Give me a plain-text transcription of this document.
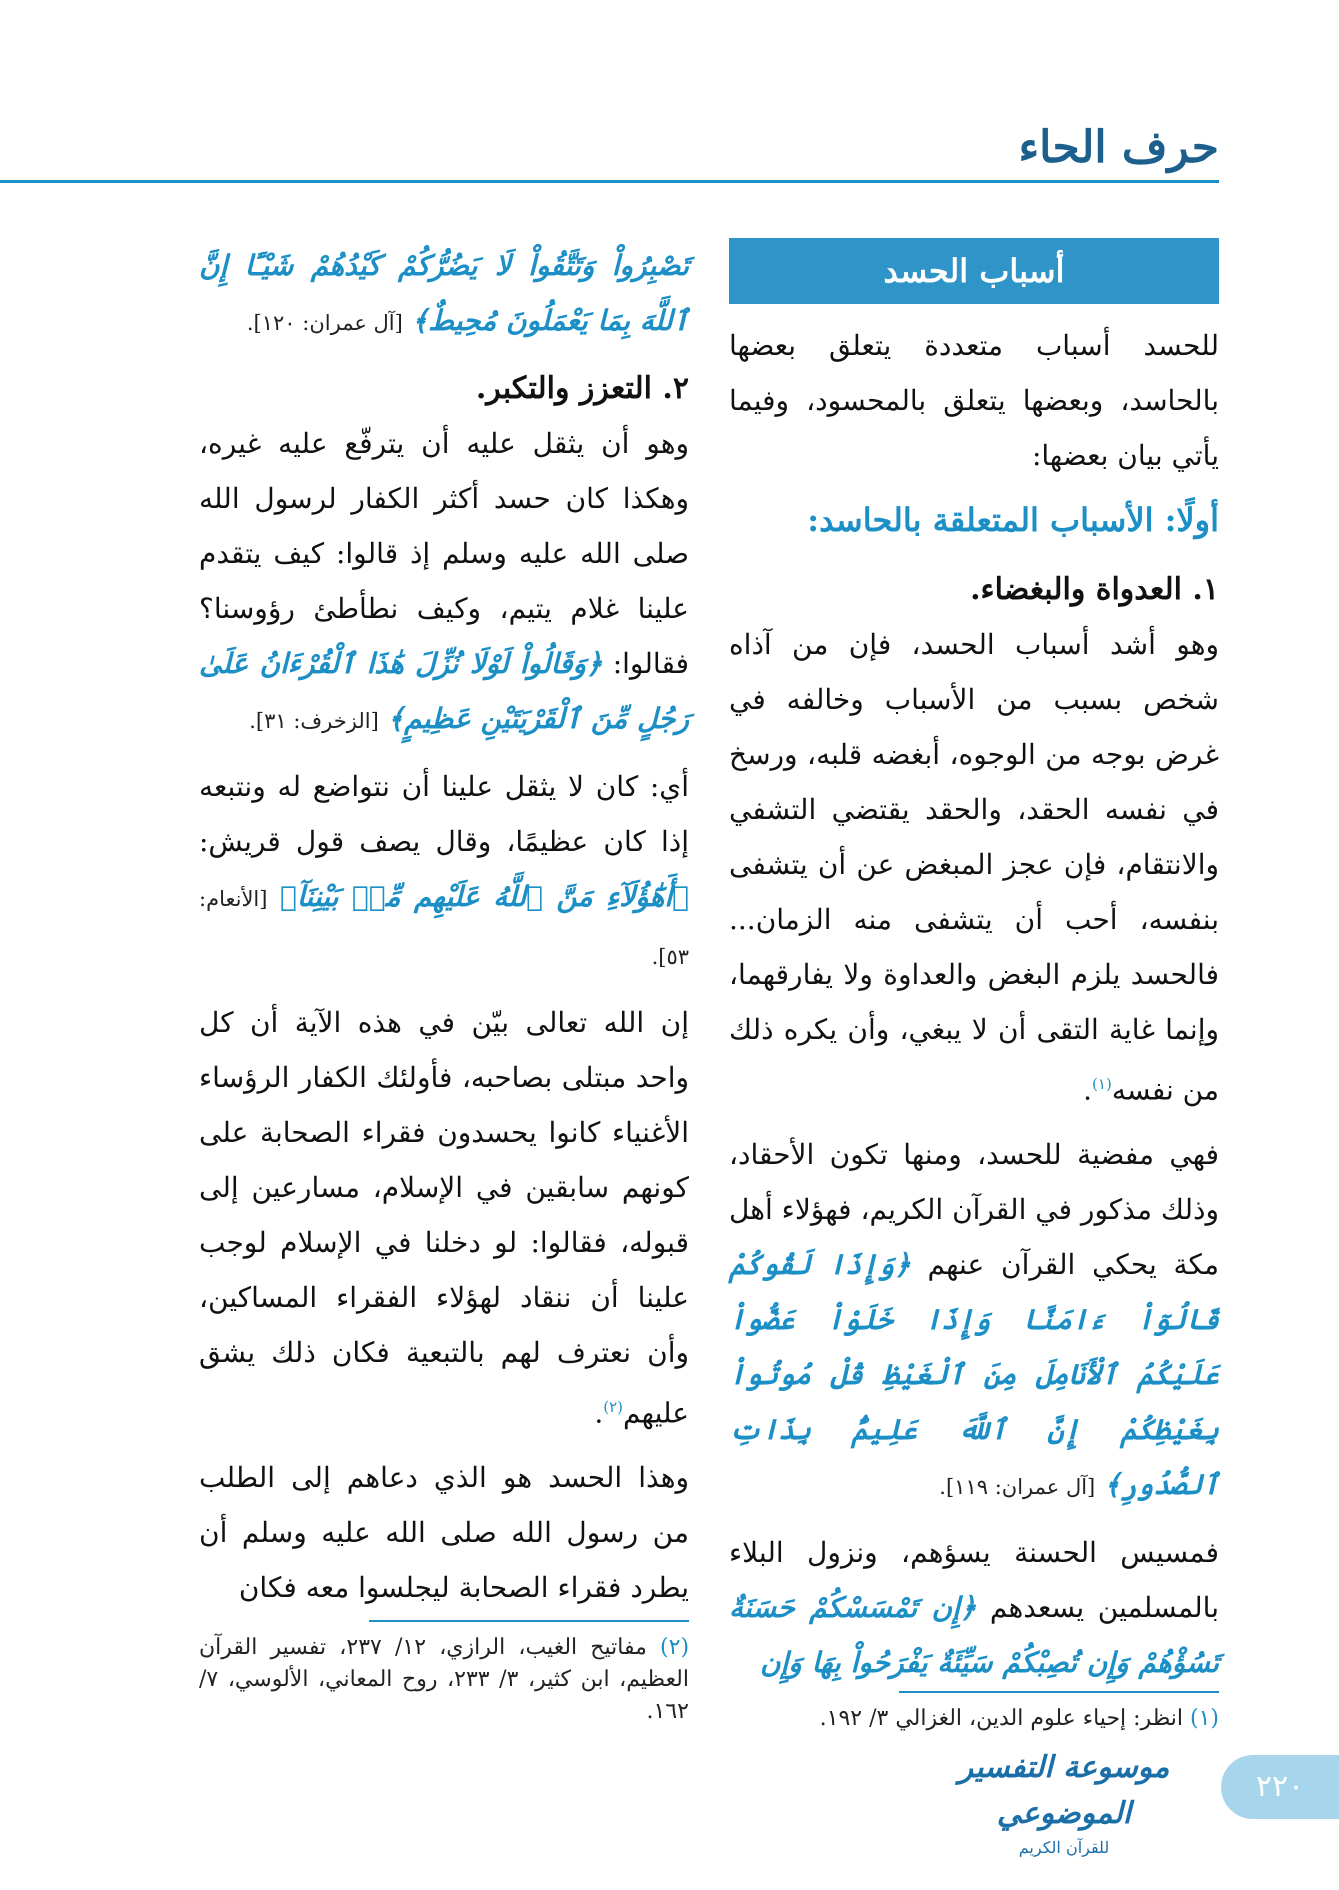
حرف الحاء
أسباب الحسد

للحسد أسباب متعددة يتعلق بعضها بالحاسد، وبعضها يتعلق بالمحسود، وفيما يأتي بيان بعضها:

أولًا: الأسباب المتعلقة بالحاسد:
١. العدواة والبغضاء.

وهو أشد أسباب الحسد، فإن من آذاه شخص بسبب من الأسباب وخالفه في غرض بوجه من الوجوه، أبغضه قلبه، ورسخ في نفسه الحقد، والحقد يقتضي التشفي والانتقام، فإن عجز المبغض عن أن يتشفى بنفسه، أحب أن يتشفى منه الزمان... فالحسد يلزم البغض والعداوة ولا يفارقهما، وإنما غاية التقى أن لا يبغي، وأن يكره ذلك من نفسه$^{(١)}$.

فهي مفضية للحسد، ومنها تكون الأحقاد، وذلك مذكور في القرآن الكريم، فهؤلاء أهل مكة يحكي القرآن عنهم ﴿وَإِذَا لَقُوكُمْ قَالُوٓاْ ءَامَنَّا وَإِذَا خَلَوْاْ عَضُّواْ عَلَيْكُمُ ٱلْأَنَامِلَ مِنَ ٱلْغَيْظِ قُلْ مُوتُواْ بِغَيْظِكُمْ إِنَّ ٱللَّهَ عَلِيمٌۢ بِذَاتِ ٱلصُّدُورِ﴾ [آل عمران: ١١٩].

فمسيس الحسنة يسؤهم، ونزول البلاء بالمسلمين يسعدهم ﴿إِن تَمْسَسْكُمْ حَسَنَةٌ تَسُؤْهُمْ وَإِن تُصِبْكُمْ سَيِّئَةٌ يَفْرَحُواْ بِهَا وَإِن

تَصْبِرُواْ وَتَتَّقُواْ لَا يَضُرُّكُمْ كَيْدُهُمْ شَيْـًٔا إِنَّ ٱللَّهَ بِمَا يَعْمَلُونَ مُحِيطٌ﴾ [آل عمران: ١٢٠].

٢. التعزز والتكبر.

وهو أن يثقل عليه أن يترفّع عليه غيره، وهكذا كان حسد أكثر الكفار لرسول الله صلى الله عليه وسلم إذ قالوا: كيف يتقدم علينا غلام يتيم، وكيف نطأطئ رؤوسنا؟ فقالوا: ﴿وَقَالُواْ لَوْلَا نُزِّلَ هَٰذَا ٱلْقُرْءَانُ عَلَىٰ رَجُلٍ مِّنَ ٱلْقَرْيَتَيْنِ عَظِيمٍ﴾ [الزخرف: ٣١].

أي: كان لا يثقل علينا أن نتواضع له ونتبعه إذا كان عظيمًا، وقال يصف قول قريش: ﴿أَهَٰٓؤُلَآءِ مَنَّ ٱللَّهُ عَلَيْهِم مِّنۢ بَيْنِنَآ﴾ [الأنعام: ٥٣].

إن الله تعالى بيّن في هذه الآية أن كل واحد مبتلى بصاحبه، فأولئك الكفار الرؤساء الأغنياء كانوا يحسدون فقراء الصحابة على كونهم سابقين في الإسلام، مسارعين إلى قبوله، فقالوا: لو دخلنا في الإسلام لوجب علينا أن ننقاد لهؤلاء الفقراء المساكين، وأن نعترف لهم بالتبعية فكان ذلك يشق عليهم$^{(٢)}$.

وهذا الحسد هو الذي دعاهم إلى الطلب من رسول الله صلى الله عليه وسلم أن يطرد فقراء الصحابة ليجلسوا معه فكان

(١) انظر: إحياء علوم الدين، الغزالي ٣/ ١٩٢.
(٢) مفاتيح الغيب، الرازي، ١٢/ ٢٣٧، تفسير القرآن العظيم، ابن كثير، ٣/ ٢٣٣، روح المعاني، الألوسي، ٧/ ١٦٢.
موسوعة التفسير الموضوعي
للقرآن الكريم
٢٢٠
